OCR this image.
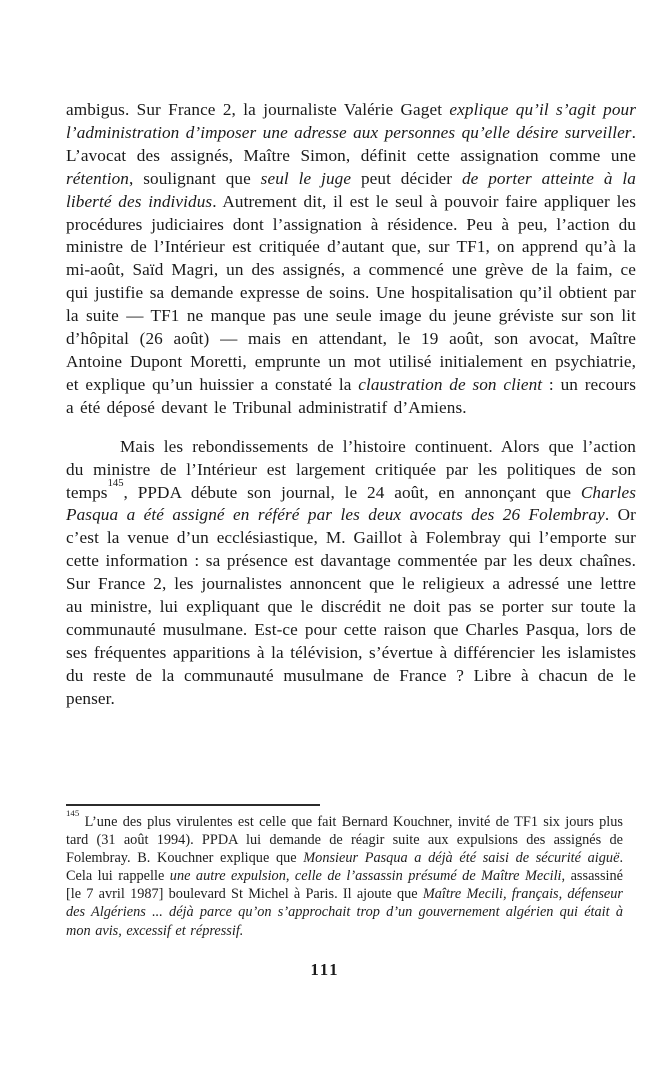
ambigus. Sur France 2, la journaliste Valérie Gaget explique qu’il s’agit pour l’administration d’imposer une adresse aux personnes qu’elle désire surveiller. L’avocat des assignés, Maître Simon, définit cette assignation comme une rétention, soulignant que seul le juge peut décider de porter atteinte à la liberté des individus. Autrement dit, il est le seul à pouvoir faire appliquer les procédures judiciaires dont l’assignation à résidence. Peu à peu, l’action du ministre de l’Intérieur est critiquée d’autant que, sur TF1, on apprend qu’à la mi-août, Saïd Magri, un des assignés, a commencé une grève de la faim, ce qui justifie sa demande expresse de soins. Une hospitalisation qu’il obtient par la suite — TF1 ne manque pas une seule image du jeune gréviste sur son lit d’hôpital (26 août) — mais en attendant, le 19 août, son avocat, Maître Antoine Dupont Moretti, emprunte un mot utilisé initialement en psychiatrie, et explique qu’un huissier a constaté la claustration de son client : un recours a été déposé devant le Tribunal administratif d’Amiens.

Mais les rebondissements de l’histoire continuent. Alors que l’action du ministre de l’Intérieur est largement critiquée par les politiques de son temps$^{145}$, PPDA débute son journal, le 24 août, en annonçant que Charles Pasqua a été assigné en référé par les deux avocats des 26 Folembray. Or c’est la venue d’un ecclésiastique, M. Gaillot à Folembray qui l’emporte sur cette information : sa présence est davantage commentée par les deux chaînes. Sur France 2, les journalistes annoncent que le religieux a adressé une lettre au ministre, lui expliquant que le discrédit ne doit pas se porter sur toute la communauté musulmane. Est-ce pour cette raison que Charles Pasqua, lors de ses fréquentes apparitions à la télévision, s’évertue à différencier les islamistes du reste de la communauté musulmane de France ? Libre à chacun de le penser.

$^{145}$ L’une des plus virulentes est celle que fait Bernard Kouchner, invité de TF1 six jours plus tard (31 août 1994). PPDA lui demande de réagir suite aux expulsions des assignés de Folembray. B. Kouchner explique que Monsieur Pasqua a déjà été saisi de sécurité aiguë. Cela lui rappelle une autre expulsion, celle de l’assassin présumé de Maître Mecili, assassiné [le 7 avril 1987] boulevard St Michel à Paris. Il ajoute que Maître Mecili, français, défenseur des Algériens ... déjà parce qu’on s’approchait trop d’un gouvernement algérien qui était à mon avis, excessif et répressif.

111
